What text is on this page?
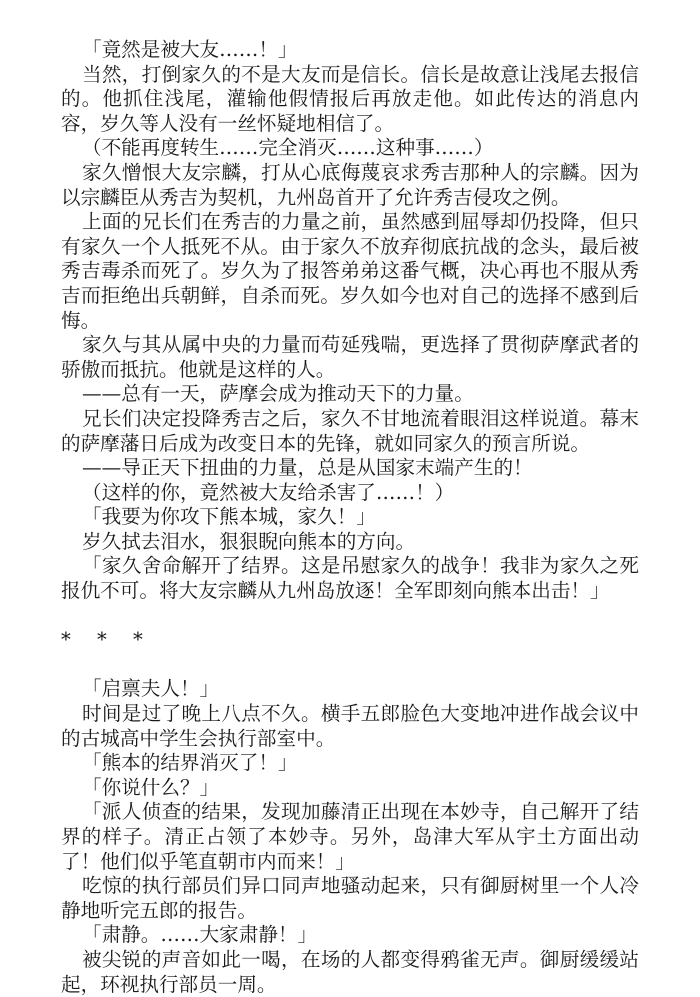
「竟然是被大友……！」

当然，打倒家久的不是大友而是信长。信长是故意让浅尾去报信的。他抓住浅尾，灌输他假情报后再放走他。如此传达的消息内容，岁久等人没有一丝怀疑地相信了。

（不能再度转生……完全消灭……这种事……）

家久憎恨大友宗麟，打从心底侮蔑哀求秀吉那种人的宗麟。因为以宗麟臣从秀吉为契机，九州岛首开了允许秀吉侵攻之例。

上面的兄长们在秀吉的力量之前，虽然感到屈辱却仍投降，但只有家久一个人抵死不从。由于家久不放弃彻底抗战的念头，最后被秀吉毒杀而死了。岁久为了报答弟弟这番气概，决心再也不服从秀吉而拒绝出兵朝鲜，自杀而死。岁久如今也对自己的选择不感到后悔。

家久与其从属中央的力量而苟延残喘，更选择了贯彻萨摩武者的骄傲而抵抗。他就是这样的人。

——总有一天，萨摩会成为推动天下的力量。

兄长们决定投降秀吉之后，家久不甘地流着眼泪这样说道。幕末的萨摩藩日后成为改变日本的先锋，就如同家久的预言所说。

——导正天下扭曲的力量，总是从国家末端产生的！

（这样的你，竟然被大友给杀害了……！）

「我要为你攻下熊本城，家久！」

岁久拭去泪水，狠狠睨向熊本的方向。

「家久舍命解开了结界。这是吊慰家久的战争！我非为家久之死报仇不可。将大友宗麟从九州岛放逐！全军即刻向熊本出击！」

* * *

「启禀夫人！」

时间是过了晚上八点不久。横手五郎脸色大变地冲进作战会议中的古城高中学生会执行部室中。

「熊本的结界消灭了！」

「你说什么？」

「派人侦查的结果，发现加藤清正出现在本妙寺，自己解开了结界的样子。清正占领了本妙寺。另外，岛津大军从宇土方面出动了！他们似乎笔直朝市内而来！」

吃惊的执行部员们异口同声地骚动起来，只有御厨树里一个人冷静地听完五郎的报告。

「肃静。……大家肃静！」

被尖锐的声音如此一喝，在场的人都变得鸦雀无声。御厨缓缓站起，环视执行部员一周。
